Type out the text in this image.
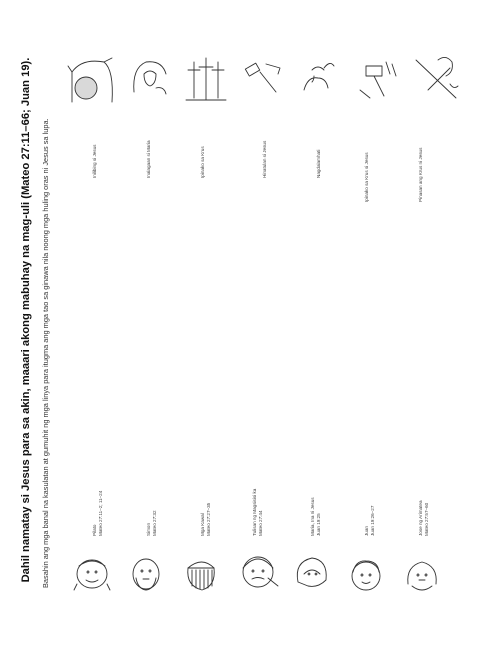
Dahil namatay si Jesus para sa akin, maaari akong mabuhay na mag-uli (Mateo 27:11–66; Juan 19). Basahin ang mga banal na kasulatan at gumuhit ng mga linya para itugma ang mga tao sa ginawa nila noong mga huling oras ni Jesus sa lupa.	Pilato Mateo 27:11–2; 11–24	Simon Mateo 27:32	Mga Kawal Mateo 27:27–35	Tulisan ng Magsisisi ka Mateo 27:44	Maria, Ina ni Jesus Juan 19:25	Juan Juan 19:26–27	Jose ng Arimatea Mateo 27:57–60
Inilibing si Jesus	Inalagaan si Maria	Ipinako sa Krus	Hinatulan si Jesus	Nagdalamhati	Ipinako sa Krus si Jesus	Pinasan ang Krus ni Jesus
